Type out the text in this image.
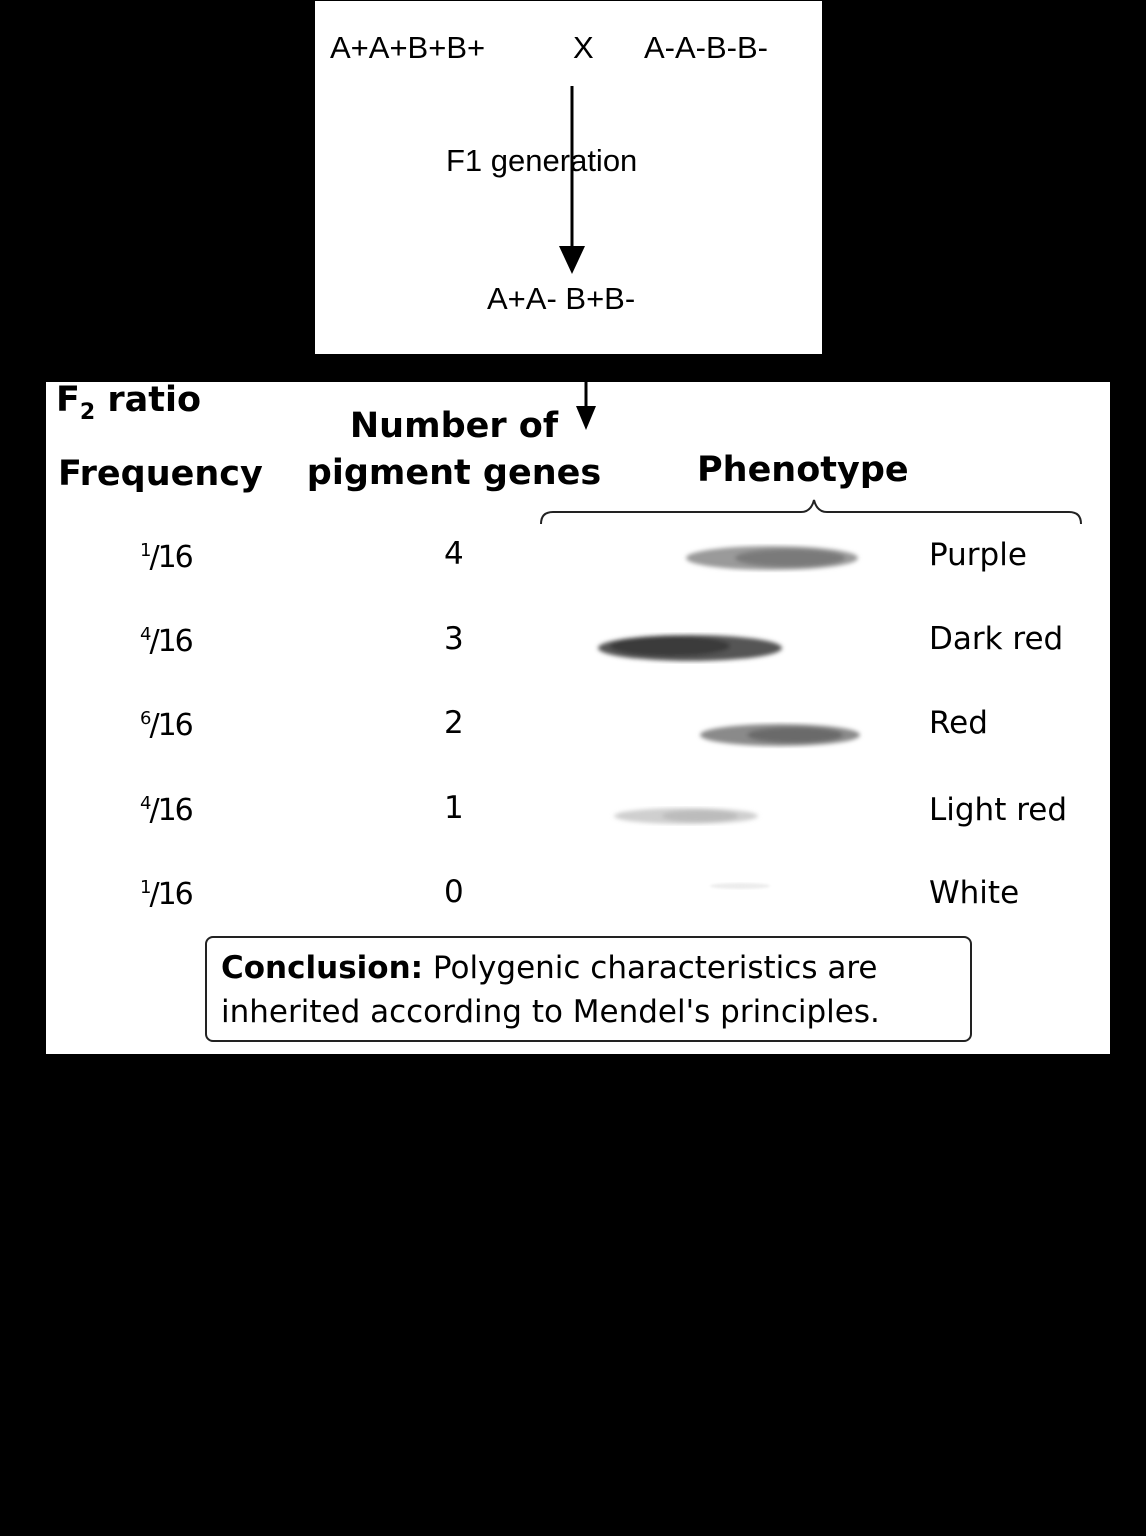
A+A+B+B+	X A-A-B-B-
F1 generation
A+A- B+B-
$F_2$ ratio
Frequency
Number of
pigment genes	Phenotype
$^1$/16	4	Purple
$^4$/16	3	Dark red
$^6$/16	2	Red
$^4$/16	1	Light red
$^1$/16	0	White
Conclusion: Polygenic characteristics are
inherited according to Mendel's principles.
